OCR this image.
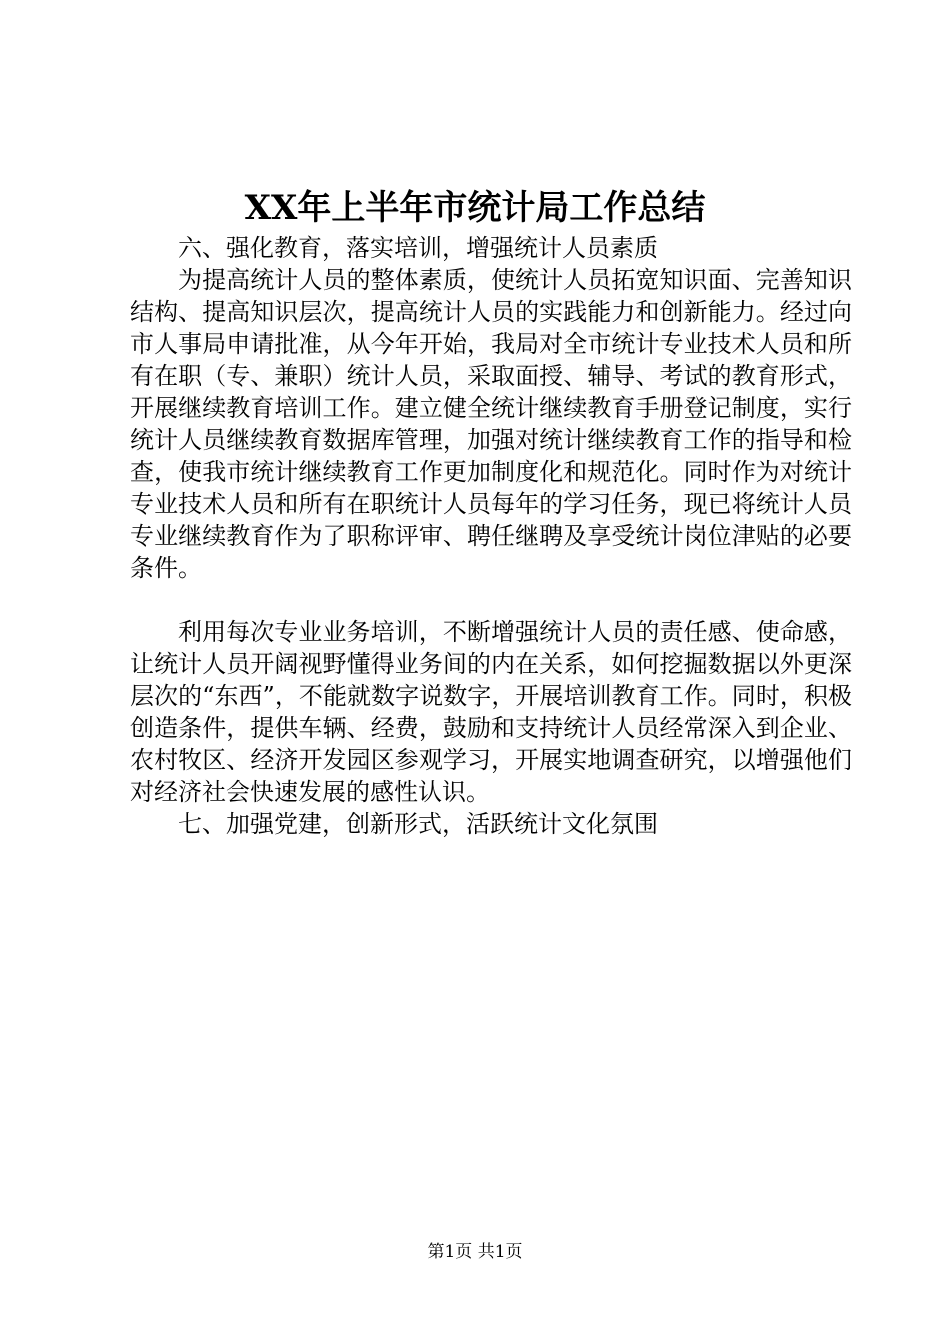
XX年上半年市统计局工作总结

六、强化教育，落实培训，增强统计人员素质

为提高统计人员的整体素质，使统计人员拓宽知识面、完善知识结构、提高知识层次，提高统计人员的实践能力和创新能力。经过向市人事局申请批准，从今年开始，我局对全市统计专业技术人员和所有在职（专、兼职）统计人员，采取面授、辅导、考试的教育形式，开展继续教育培训工作。建立健全统计继续教育手册登记制度，实行统计人员继续教育数据库管理，加强对统计继续教育工作的指导和检查，使我市统计继续教育工作更加制度化和规范化。同时作为对统计专业技术人员和所有在职统计人员每年的学习任务，现已将统计人员专业继续教育作为了职称评审、聘任继聘及享受统计岗位津贴的必要条件。

利用每次专业业务培训，不断增强统计人员的责任感、使命感，让统计人员开阔视野懂得业务间的内在关系，如何挖掘数据以外更深层次的“东西”，不能就数字说数字，开展培训教育工作。同时，积极创造条件，提供车辆、经费，鼓励和支持统计人员经常深入到企业、农村牧区、经济开发园区参观学习，开展实地调查研究，以增强他们对经济社会快速发展的感性认识。

七、加强党建，创新形式，活跃统计文化氛围

第1页 共1页
